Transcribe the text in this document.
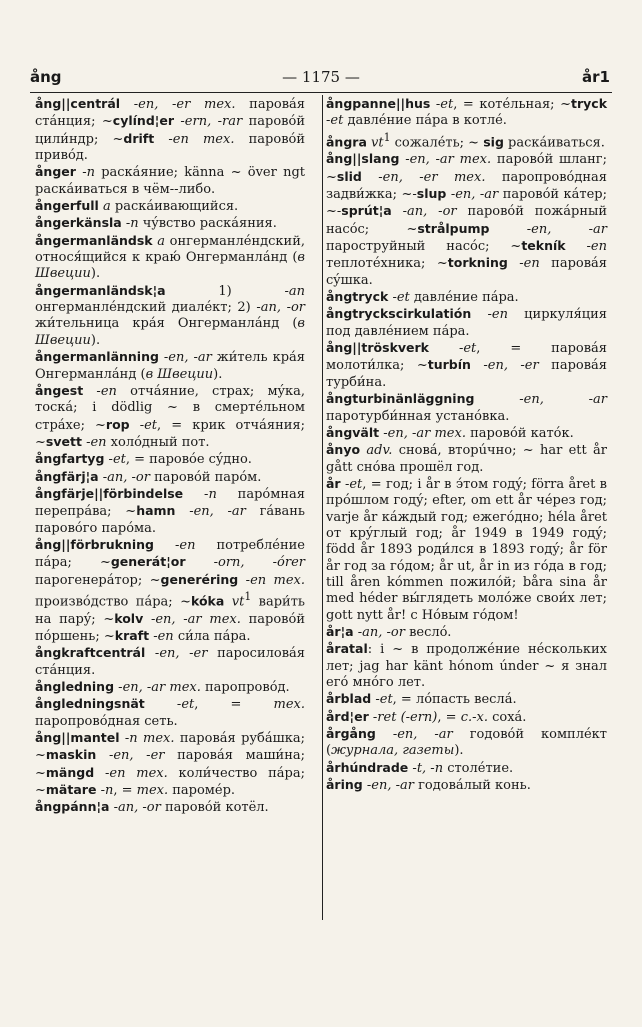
ång	— 1175 —	år1

ång||centrál -en, -er тех. паровáя стáнция; ~cylínd¦er -ern, -rar паровóй цили́ндр; ~drift -en тех. паровóй привóд.

ånger -n раскáяние; känna ~ över ngt раскáиваться в чём--либо.

ångerfull a раскáивающийся.

ångerkänsla -n чýвство раскáяния.

ångermanländsk a онгерманлéндский, относя́щийся к краю́ Онгерманлáнд (в Швеции).

ångermanländsk¦a 1) -an онгерманлéндский диалéкт; 2) -an, -or жи́тельница кра́я Онгерманлáнд (в Швеции).

ångermanlänning -en, -ar жи́тель кра́я Онгерманлáнд (в Швеции).

ångest -en отчáяние, страх; мýка, тоскá; i dödlig ~ в смертéльном стрáхе; ~rop -et, = крик отчáяния; ~svett -en холóдный пот.

ångfartyg -et, = паровóе сýдно.

ångfärj¦a -an, -or паровóй парóм.

ångfärje||förbindelse -n парóмная перепрáва; ~hamn -en, -ar гáвань паровóго парóма.

ång||förbrukning -en потреблéние пáра; ~generát¦or -orn, -órer парогенерáтор; ~generéring -en тех. произвóдство пáра; ~kóka $vt^1$ вари́ть на парý; ~kolv -en, -ar тех. паровóй пóршень; ~kraft -en си́ла пáра.

ångkraftcentrál -en, -er паросиловáя стáнция.

ångledning -en, -ar тех. паропровóд.

ångledningsnät -et, = тех. паропровóдная сеть.

ång||mantel -n тех. паровáя рубáшка; ~maskin -en, -er паровáя маши́на; ~mängd -en тех. коли́чество пáра; ~mätare -n, = тех. парoмéр.

ångpánn¦a -an, -or паровóй котёл.

ångpanne||hus -et, = котéльная; ~tryck -et давлéние пáра в котлé.

ångra $vt^1$ сожалéть; ~ sig раскáиваться.

ång||slang -en, -ar тех. паровóй шланг; ~slid -en, -er тех. паропровóдная задви́жка; ~-slup -en, -ar паровóй кáтер; ~-sprút¦a -an, -or паровóй пожáрный насóс; ~strålpump	-en, -ar пароструйный насóс; ~tekník -en теплотéхника; ~torkning -en паровáя сýшка.

ångtryck -et давлéние пáра.

ångtryckscirkulatión -en циркуля́ция под давлéнием пáра.

ång||tröskverk -et, = паровáя молоти́лка; ~turbín -en, -er паровáя турби́на.

ångturbinänläggning	-en, -ar паротурби́нная устанóвка.

ångvält -en, -ar тех. паровóй катóк.

ånyo adv. сновá, вторúчно; ~ har ett år gått снóва прошёл год.

år -et, = год; i år в э́том годý; förra året в прóшлом годý; efter, om ett år чéрез год; varje år кáждый год; ежегóдно; héla året от крýглый год; år 1949 в 1949 годý; född år 1893 роди́лся в 1893 годý; år för år год за гóдом; år ut, år in из гóда в год; till åren kómmen пожилóй; båra sina år med héder вы́глядеть молóже свои́х лет; gott nytt år! с Нóвым гóдом!

år¦a -an, -or веслó.

åratal: i ~ в продолжéние нéскольких лет; jag har känt hónom únder ~ я знал егó мнóго лет.

årblad -et, = лóпасть веслá.

ård¦er -ret (-ern), = с.-х. сохá.

årgång -en, -ar годовóй комплéкт (журнала, газеты).

århúndrade -t, -n столéтие.

åring -en, -ar годовáлый конь.
